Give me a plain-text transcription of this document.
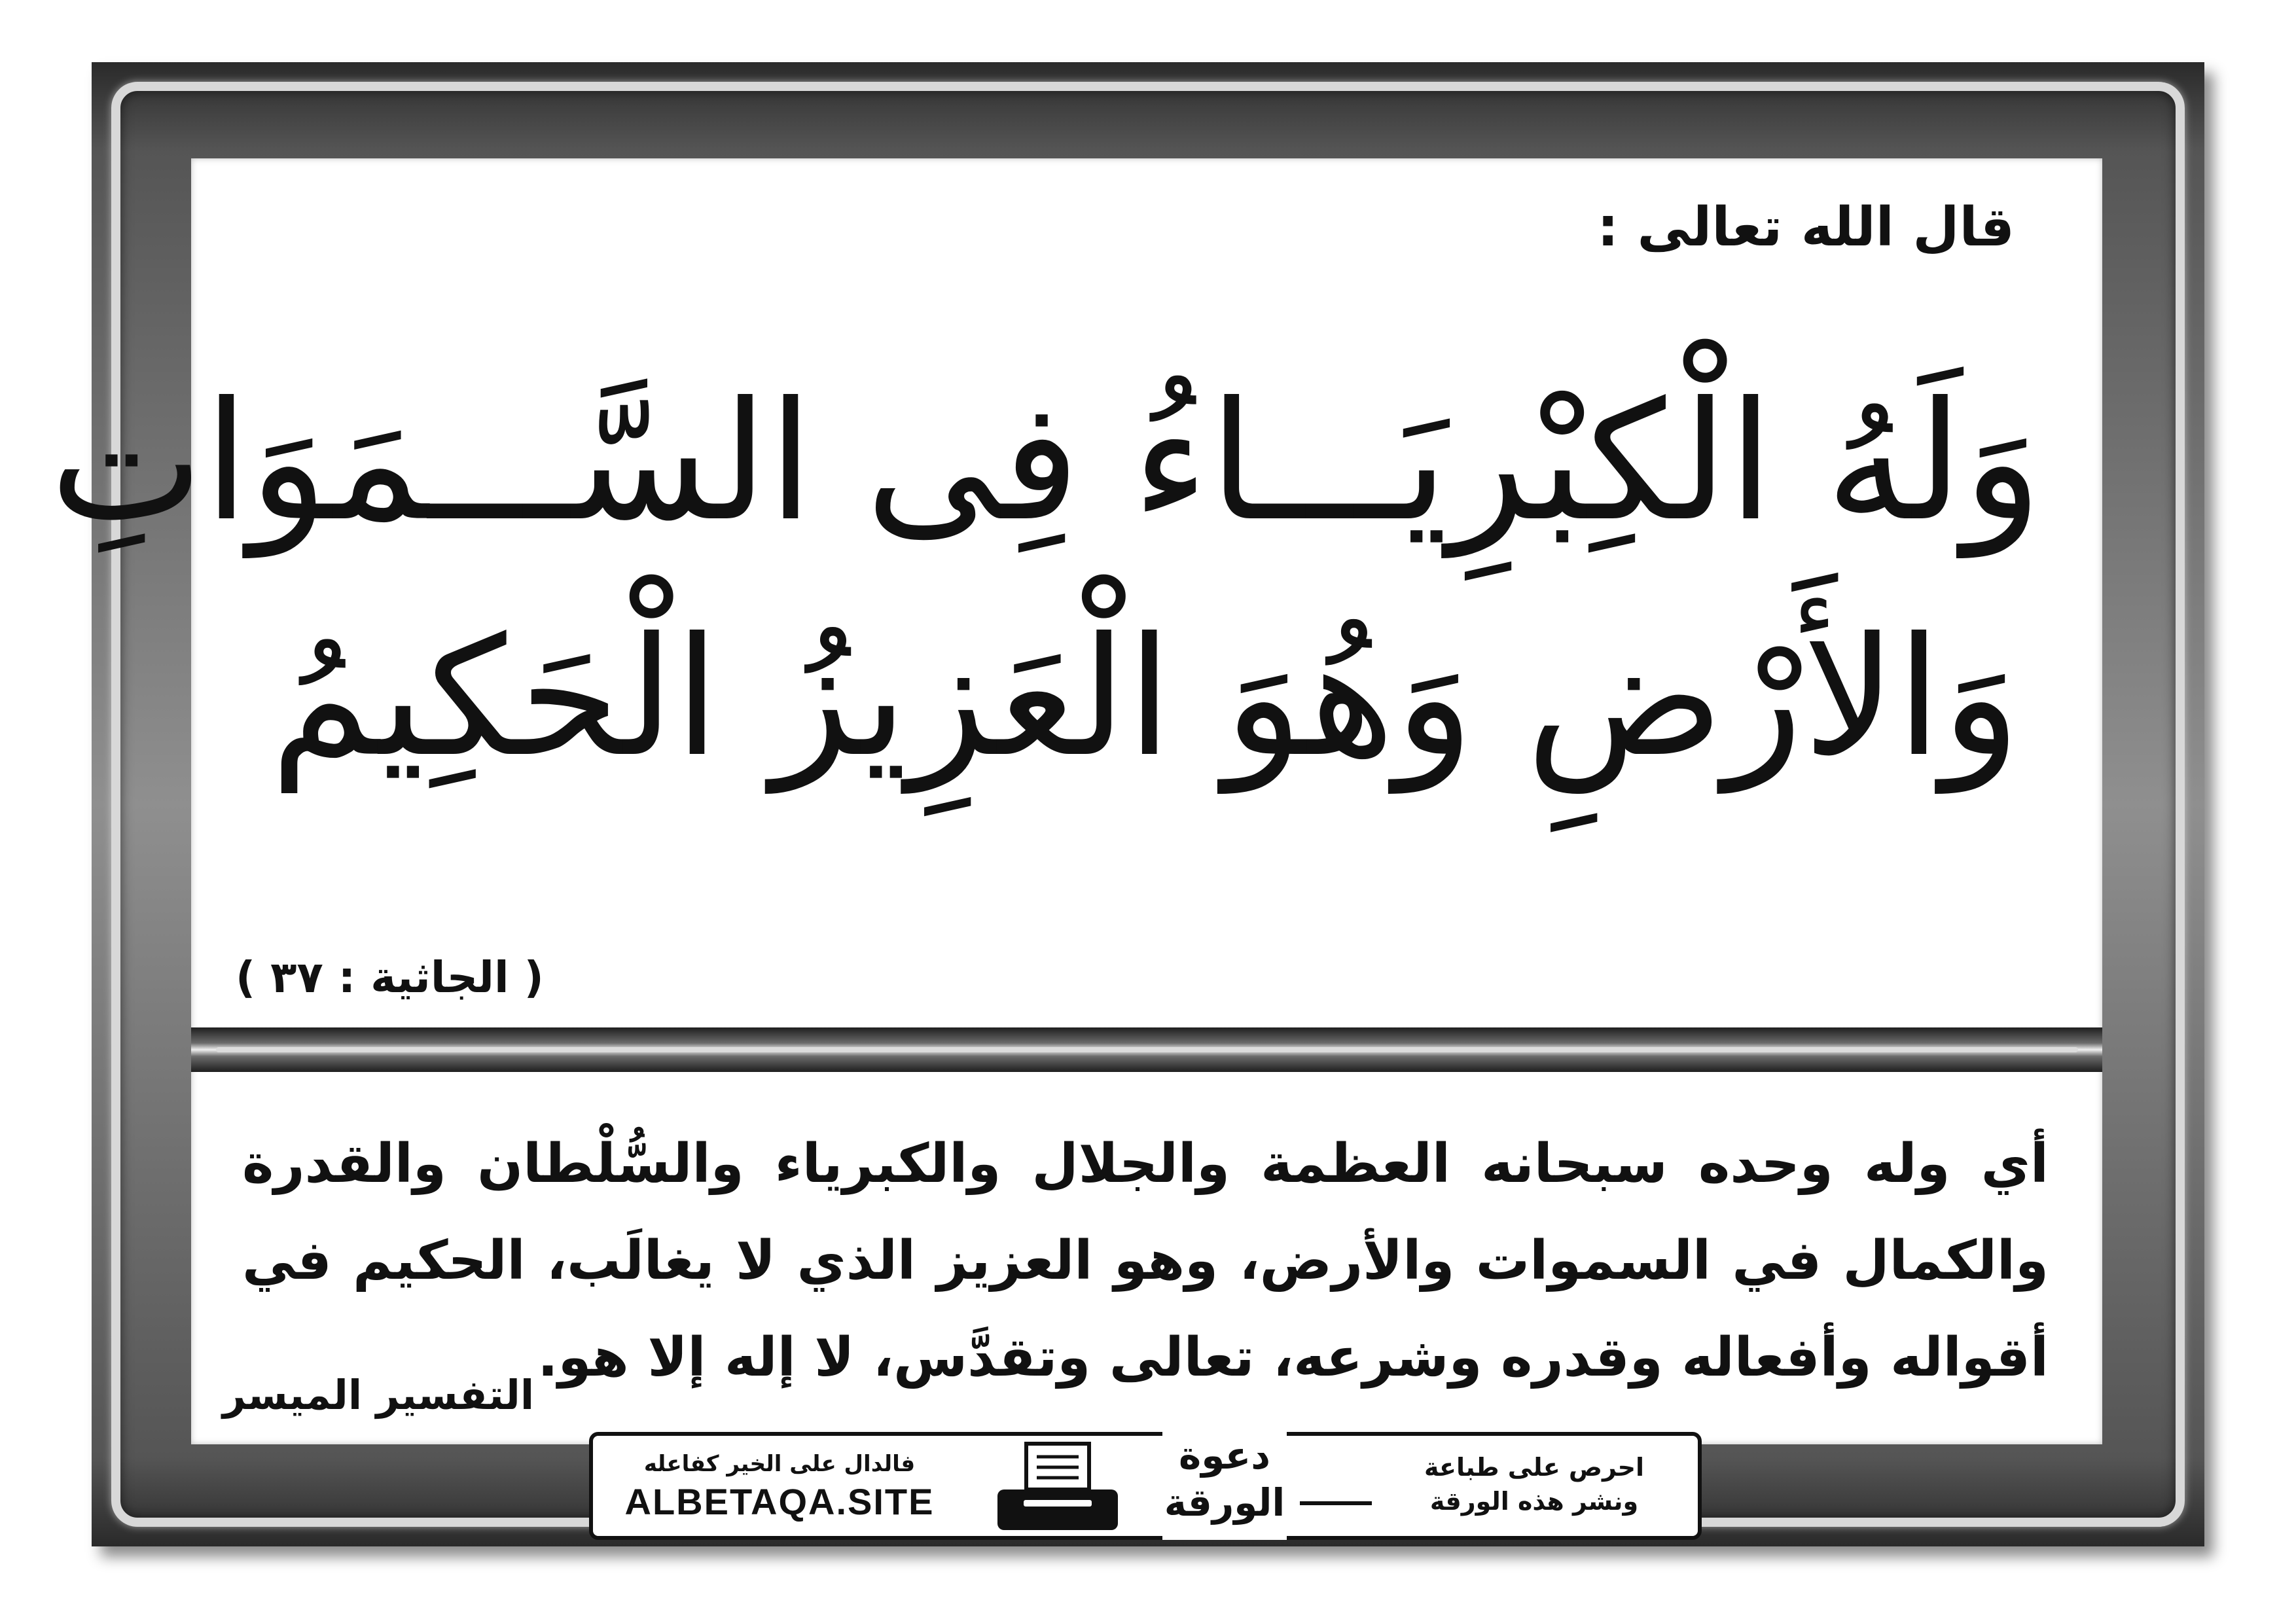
قال الله تعالى :
وَلَهُ الْكِبْرِيَـــاءُ فِى السَّـــمَوَاتِ
وَالأَرْضِ وَهُوَ الْعَزِيزُ الْحَكِيمُ
( الجاثية : ٣٧ )
أي وله وحده سبحانه العظمة والجلال والكبرياء والسُّلْطان والقدرة والكمال في السموات والأرض، وهو العزيز الذي لا يغالَب، الحكيم في أقواله وأفعاله وقدره وشرعه، تعالى وتقدَّس، لا إله إلا هو.
التفسير الميسر
فالدال على الخير كفاعله
ALBETAQA.SITE
دعوة
الورقة
احرص على طباعة
ونشر هذه الورقة
